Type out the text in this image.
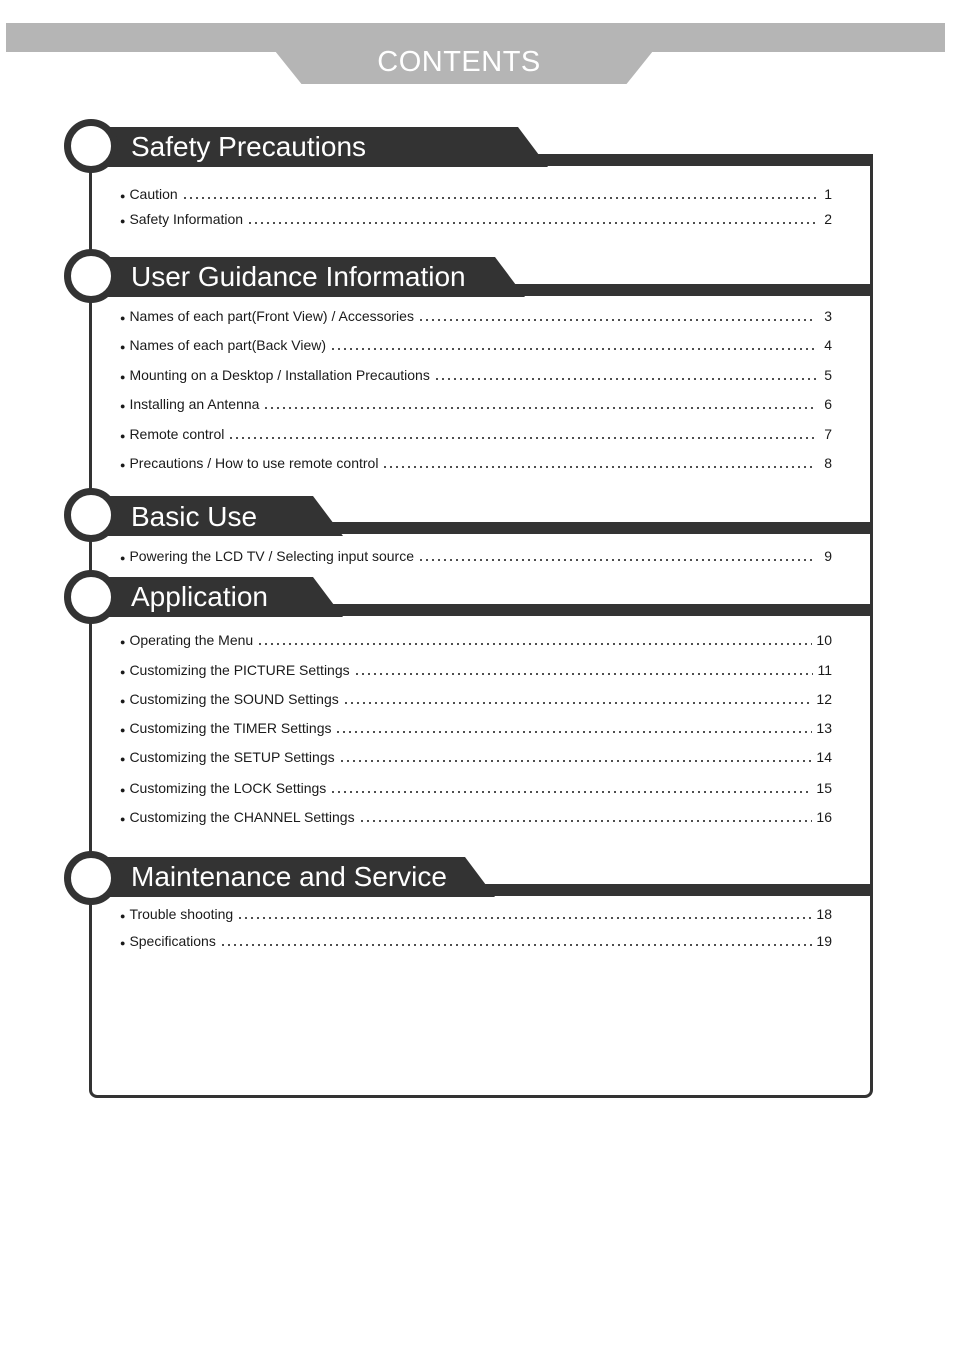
CONTENTS
Safety Precautions
● Caution	1
● Safety Information	2
User Guidance Information
● Names of each part(Front View) / Accessories	3
● Names of each part(Back View)	4
● Mounting on a Desktop / Installation Precautions	5
● Installing an Antenna	6
● Remote control	7
● Precautions / How to use remote control	8
Basic Use
● Powering the LCD TV / Selecting input source	9
Application
● Operating the Menu	10
● Customizing the PICTURE Settings	11
● Customizing the SOUND Settings	12
● Customizing the TIMER Settings	13
● Customizing the SETUP Settings	14
● Customizing the LOCK Settings	15
● Customizing the CHANNEL Settings	16
Maintenance and Service
● Trouble shooting	18
● Specifications	19
